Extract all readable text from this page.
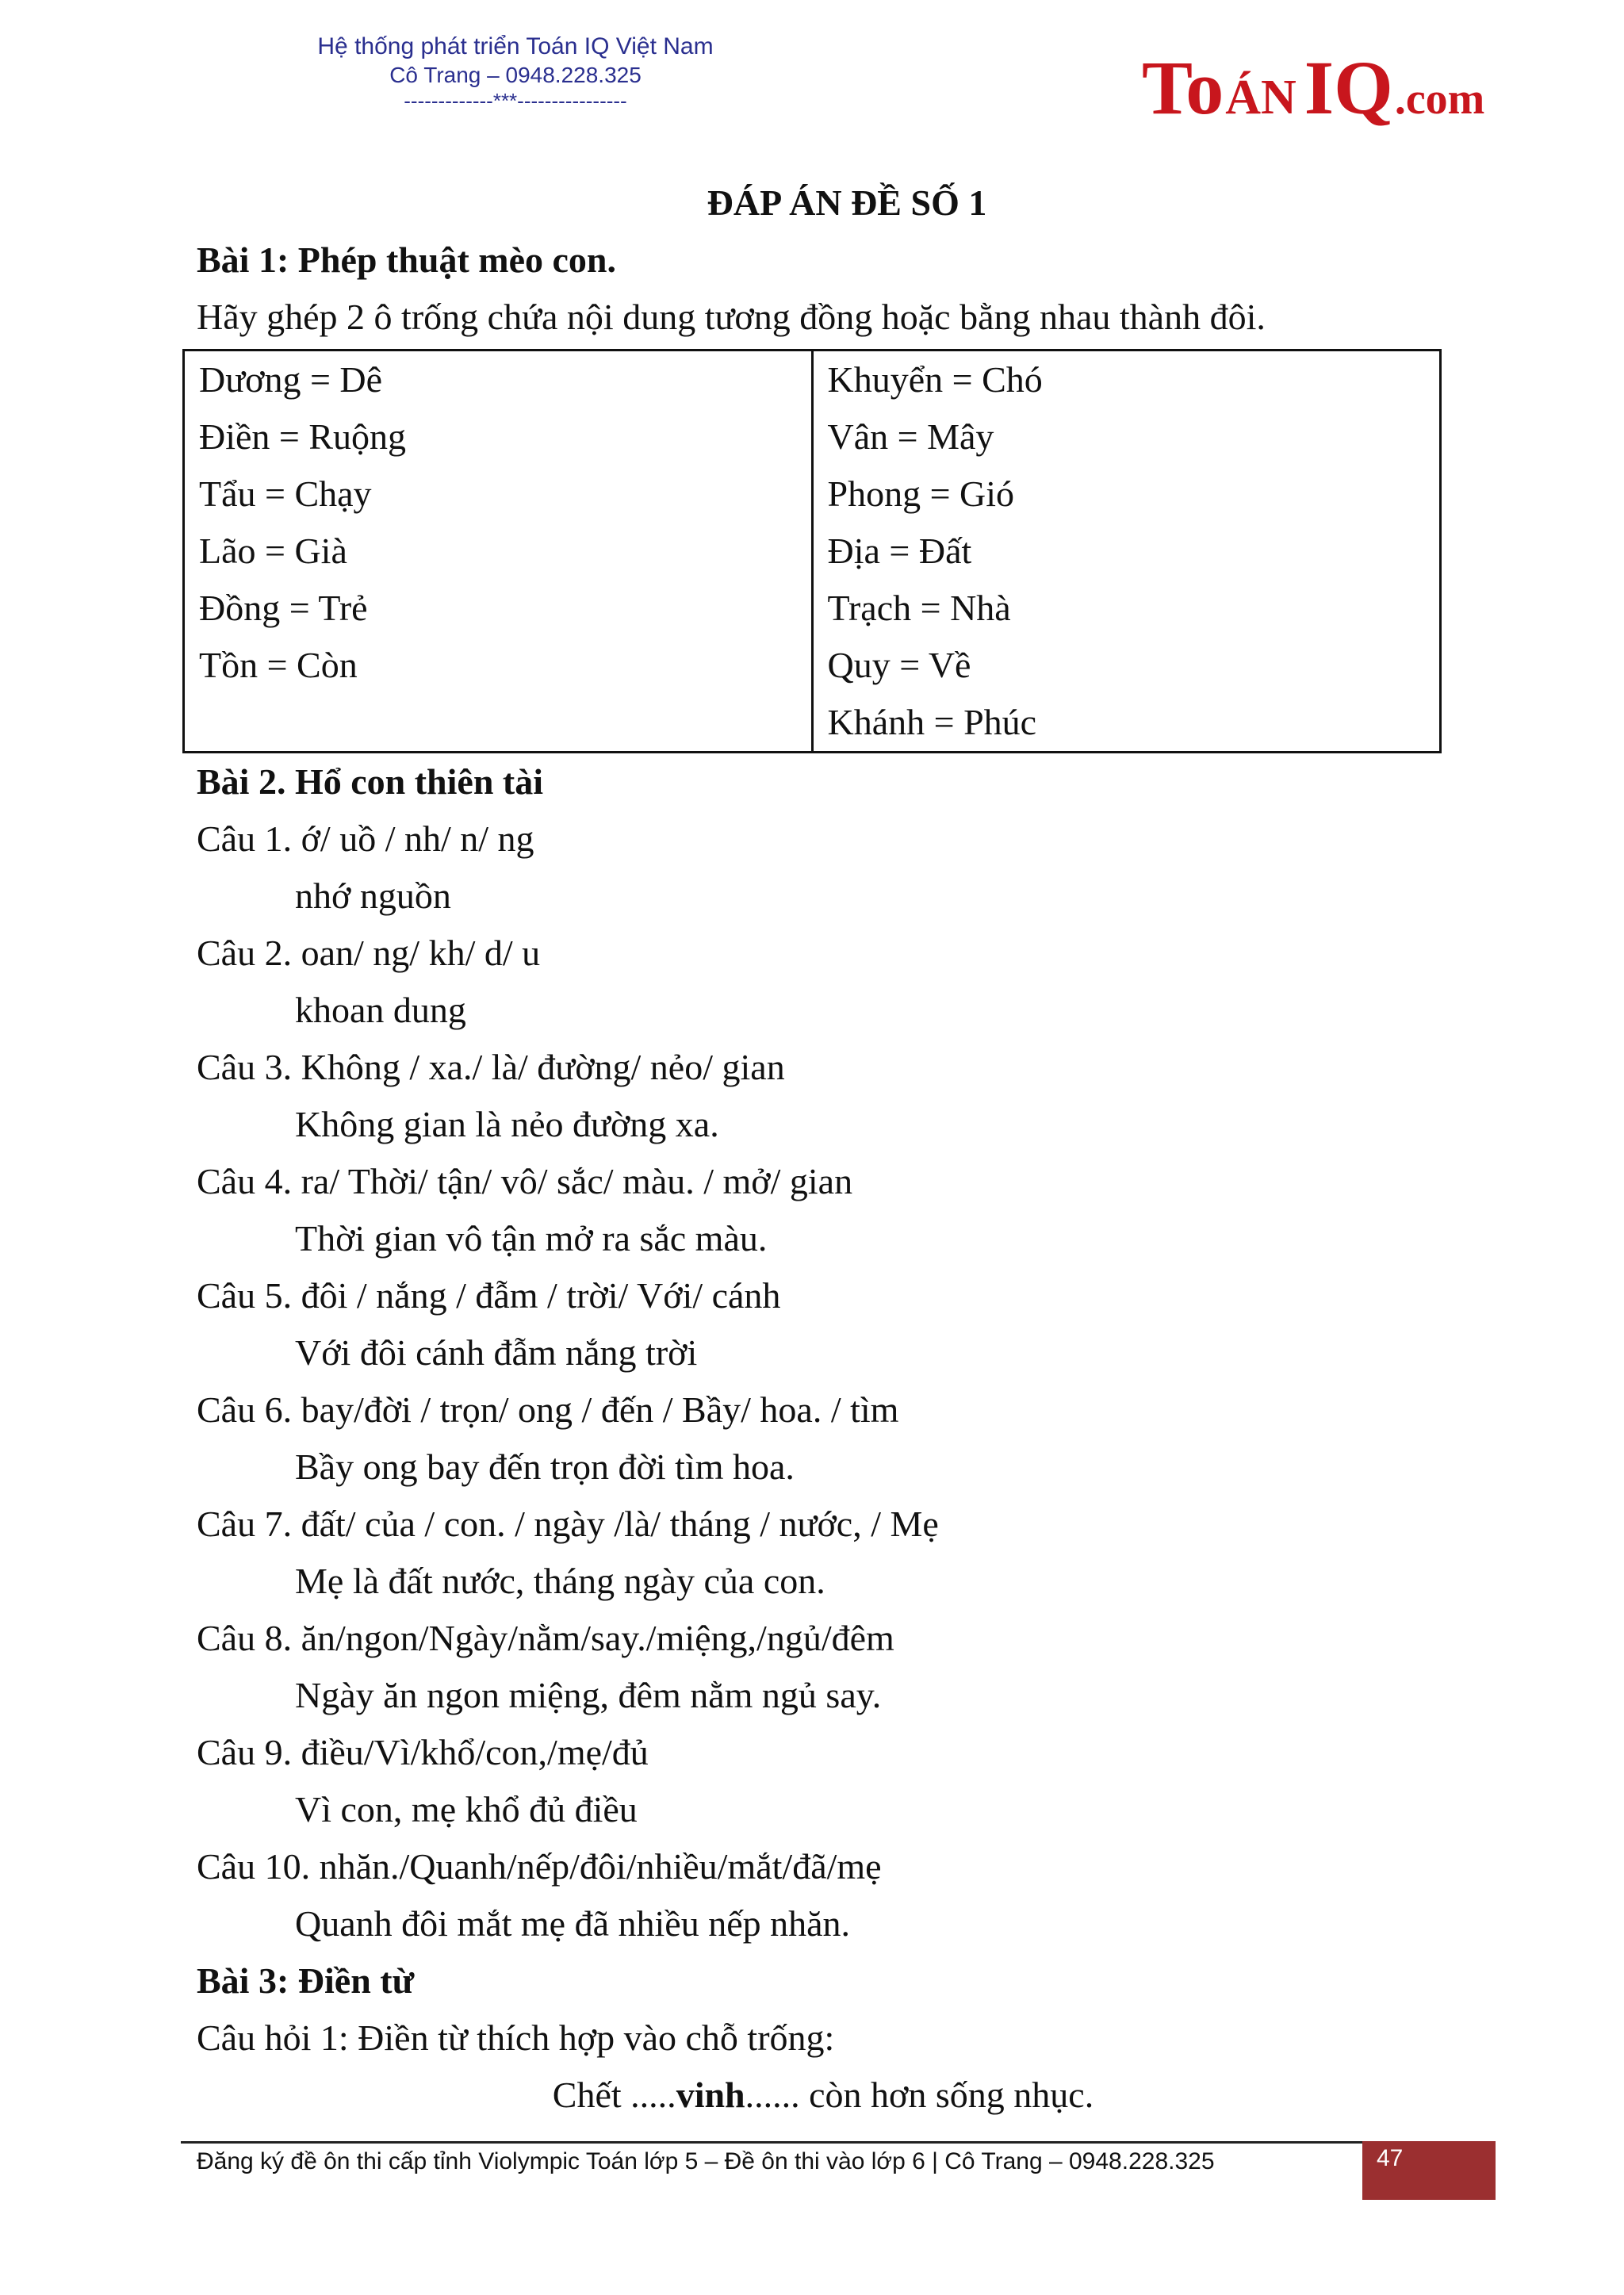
Hệ thống phát triển Toán IQ Việt Nam
Cô Trang – 0948.228.325
-------------***----------------	To ÁN IQ .com
ĐÁP ÁN ĐỀ SỐ 1
Bài 1: Phép thuật mèo con.
Hãy ghép 2 ô trống chứa nội dung tương đồng hoặc bằng nhau thành đôi.
Dương = Dê
Điền = Ruộng
Tẩu = Chạy
Lão = Già
Đồng = Trẻ
Tồn = Còn

Khuyển = Chó
Vân = Mây
Phong = Gió
Địa = Đất
Trạch = Nhà
Quy = Về
Khánh = Phúc
Bài 2. Hổ con thiên tài
Câu 1. ớ/ uồ / nh/ n/ ng
nhớ nguồn
Câu 2. oan/ ng/ kh/ d/ u
khoan dung
Câu 3. Không / xa./ là/ đường/ nẻo/ gian
Không gian là nẻo đường xa.
Câu 4. ra/ Thời/ tận/ vô/ sắc/ màu. / mở/ gian
Thời gian vô tận mở ra sắc màu.
Câu 5. đôi / nắng / đẫm / trời/ Với/ cánh
Với đôi cánh đẫm nắng trời
Câu 6. bay/đời / trọn/ ong / đến / Bầy/ hoa. / tìm
Bầy ong bay đến trọn đời tìm hoa.
Câu 7. đất/ của / con. / ngày /là/ tháng / nước, / Mẹ
Mẹ là đất nước, tháng ngày của con.
Câu 8. ăn/ngon/Ngày/nằm/say./miệng,/ngủ/đêm
Ngày ăn ngon miệng, đêm nằm ngủ say.
Câu 9. điều/Vì/khổ/con,/mẹ/đủ
Vì con, mẹ khổ đủ điều
Câu 10. nhăn./Quanh/nếp/đôi/nhiều/mắt/đã/mẹ
Quanh đôi mắt mẹ đã nhiều nếp nhăn.
Bài 3: Điền từ
Câu hỏi 1: Điền từ thích hợp vào chỗ trống:
Chết .....vinh...... còn hơn sống nhục.
Đăng ký đề ôn thi cấp tỉnh Violympic Toán lớp 5 – Đề ôn thi vào lớp 6 | Cô Trang – 0948.228.325	47
